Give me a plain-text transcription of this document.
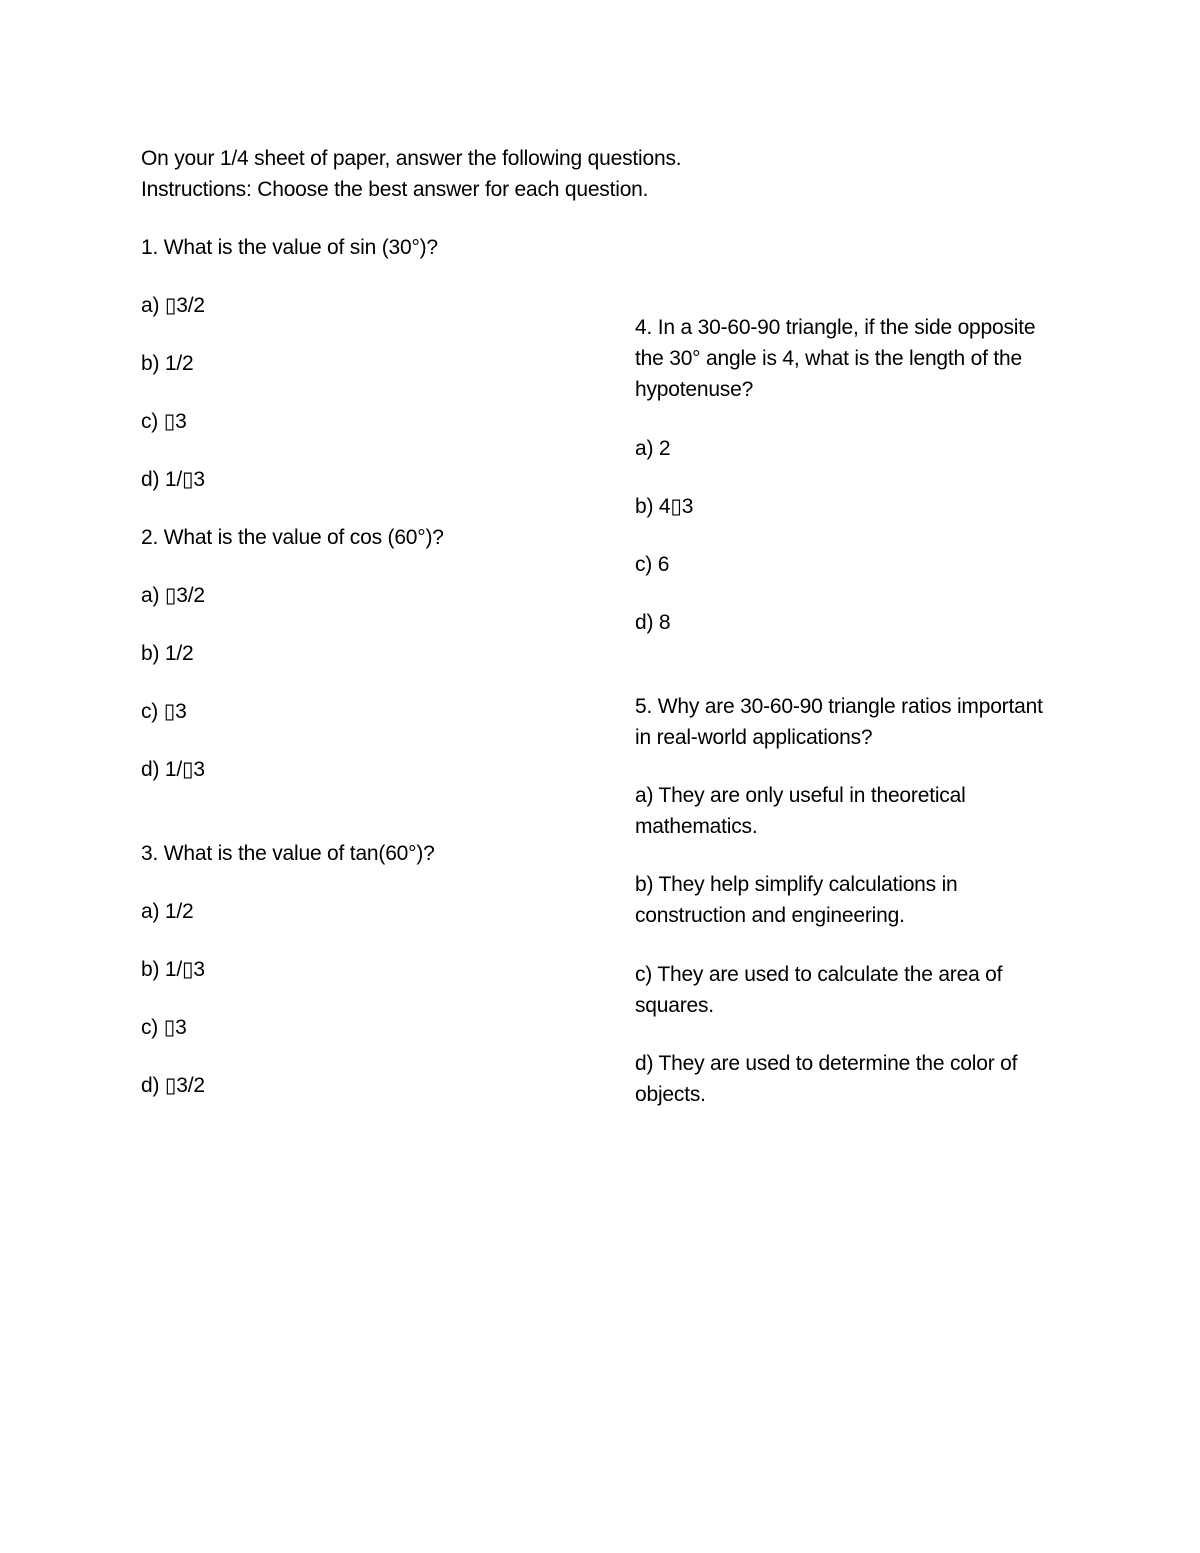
On your 1/4 sheet of paper, answer the following questions.
Instructions: Choose the best answer for each question.
1. What is the value of sin (30°)?
a) ▯3/2
b) 1/2
c) ▯3
d) 1/▯3
2. What is the value of cos (60°)?
a) ▯3/2
b) 1/2
c) ▯3
d) 1/▯3
3. What is the value of tan(60°)?
a) 1/2
b) 1/▯3
c) ▯3
d) ▯3/2
4. In a 30-60-90 triangle, if the side opposite the 30° angle is 4, what is the length of the hypotenuse?
a) 2
b) 4▯3
c) 6
d) 8
5. Why are 30-60-90 triangle ratios important in real-world applications?
a) They are only useful in theoretical mathematics.
b) They help simplify calculations in construction and engineering.
c) They are used to calculate the area of squares.
d) They are used to determine the color of objects.
